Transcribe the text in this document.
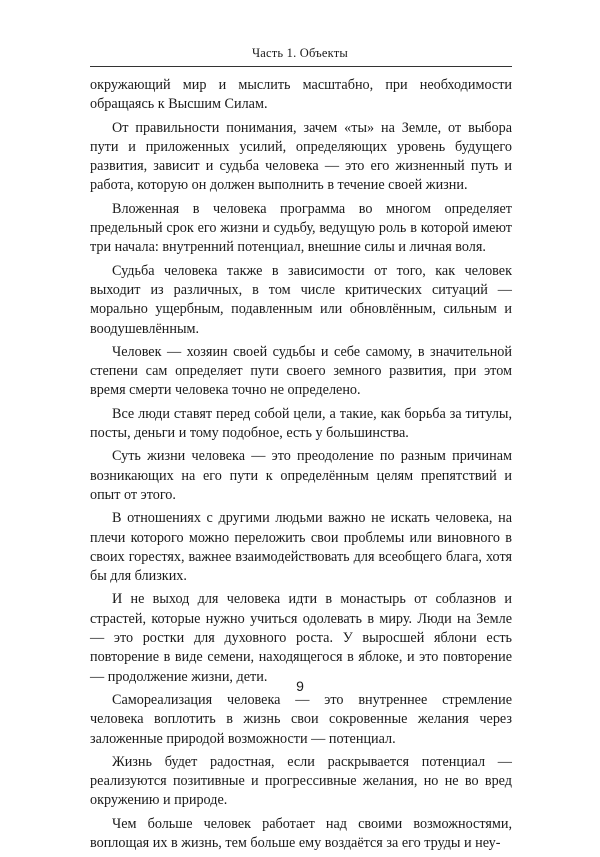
Часть 1. Объекты

окружающий мир и мыслить масштабно, при необходимости обращаясь к Высшим Силам.

От правильности понимания, зачем «ты» на Земле, от выбора пути и приложенных усилий, определяющих уровень будущего развития, зависит и судьба человека — это его жизненный путь и работа, которую он должен выполнить в течение своей жизни.

Вложенная в человека программа во многом определяет предельный срок его жизни и судьбу, ведущую роль в которой имеют три начала: внутренний потенциал, внешние силы и личная воля.

Судьба человека также в зависимости от того, как человек выходит из различных, в том числе критических ситуаций — морально ущербным, подавленным или обновлённым, сильным и воодушевлённым.

Человек — хозяин своей судьбы и себе самому, в значительной степени сам определяет пути своего земного развития, при этом время смерти человека точно не определено.

Все люди ставят перед собой цели, а такие, как борьба за титулы, посты, деньги и тому подобное, есть у большинства.

Суть жизни человека — это преодоление по разным причинам возникающих на его пути к определённым целям препятствий и опыт от этого.

В отношениях с другими людьми важно не искать человека, на плечи которого можно переложить свои проблемы или виновного в своих горестях, важнее взаимодействовать для всеобщего блага, хотя бы для близких.

И не выход для человека идти в монастырь от соблазнов и страстей, которые нужно учиться одолевать в миру. Люди на Земле — это ростки для духовного роста. У выросшей яблони есть повторение в виде семени, находящегося в яблоке, и это повторение — продолжение жизни, дети.

Самореализация человека — это внутреннее стремление человека воплотить в жизнь свои сокровенные желания через заложенные природой возможности — потенциал.

Жизнь будет радостная, если раскрывается потенциал — реализуются позитивные и прогрессивные желания, но не во вред окружению и природе.

Чем больше человек работает над своими возможностями, воплощая их в жизнь, тем больше ему воздаётся за его труды и неу-

9
